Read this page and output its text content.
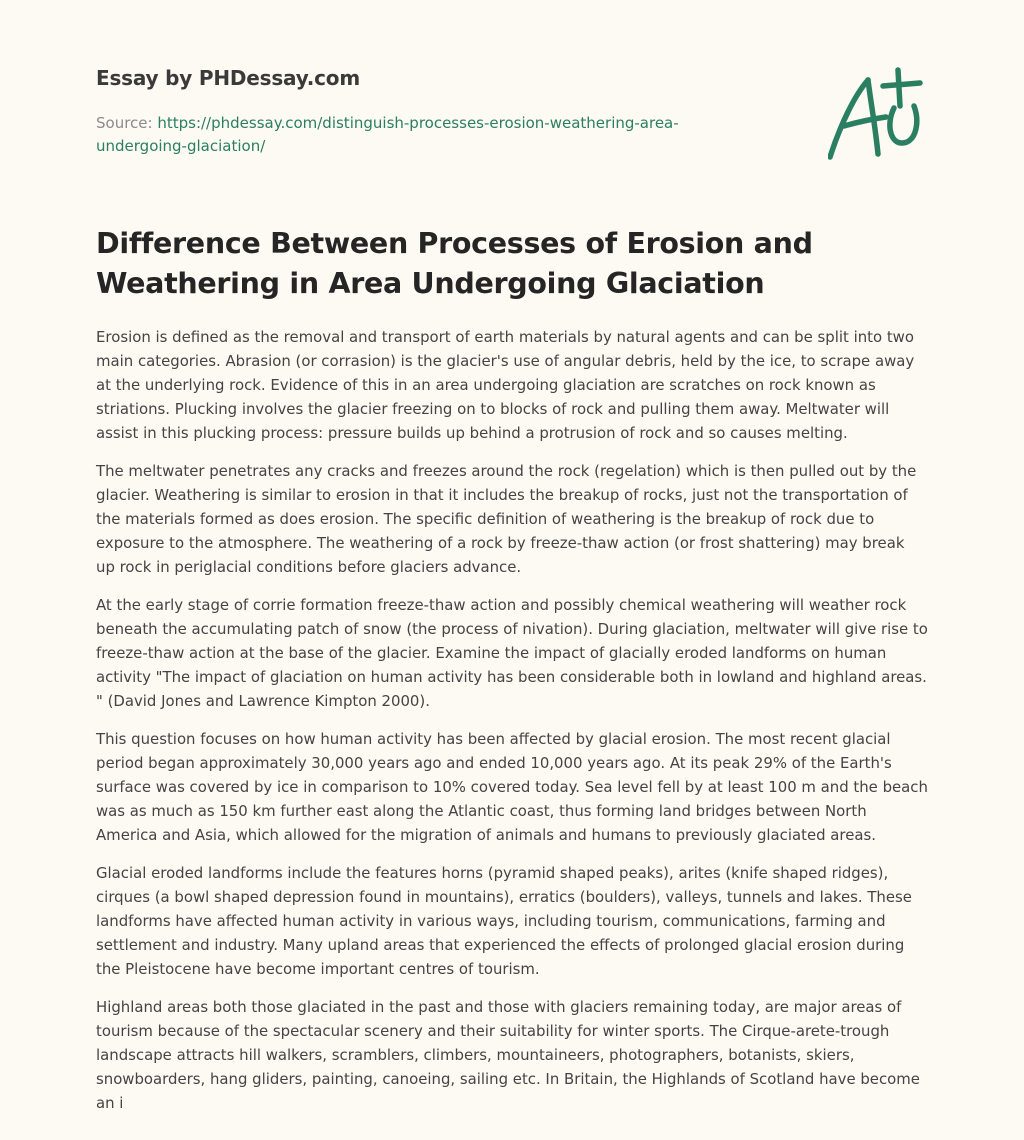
Essay by PHDessay.com
Source: https://phdessay.com/distinguish-processes-erosion-weathering-area-undergoing-glaciation/
Difference Between Processes of Erosion and Weathering in Area Undergoing Glaciation

Erosion is defined as the removal and transport of earth materials by natural agents and can be split into two main categories. Abrasion (or corrasion) is the glacier's use of angular debris, held by the ice, to scrape away at the underlying rock. Evidence of this in an area undergoing glaciation are scratches on rock known as striations. Plucking involves the glacier freezing on to blocks of rock and pulling them away. Meltwater will assist in this plucking process: pressure builds up behind a protrusion of rock and so causes melting.

The meltwater penetrates any cracks and freezes around the rock (regelation) which is then pulled out by the glacier. Weathering is similar to erosion in that it includes the breakup of rocks, just not the transportation of the materials formed as does erosion. The specific definition of weathering is the breakup of rock due to exposure to the atmosphere. The weathering of a rock by freeze-thaw action (or frost shattering) may break up rock in periglacial conditions before glaciers advance.

At the early stage of corrie formation freeze-thaw action and possibly chemical weathering will weather rock beneath the accumulating patch of snow (the process of nivation). During glaciation, meltwater will give rise to freeze-thaw action at the base of the glacier. Examine the impact of glacially eroded landforms on human activity "The impact of glaciation on human activity has been considerable both in lowland and highland areas. " (David Jones and Lawrence Kimpton 2000).

This question focuses on how human activity has been affected by glacial erosion. The most recent glacial period began approximately 30,000 years ago and ended 10,000 years ago. At its peak 29% of the Earth's surface was covered by ice in comparison to 10% covered today. Sea level fell by at least 100 m and the beach was as much as 150 km further east along the Atlantic coast, thus forming land bridges between North America and Asia, which allowed for the migration of animals and humans to previously glaciated areas.

Glacial eroded landforms include the features horns (pyramid shaped peaks), arites (knife shaped ridges), cirques (a bowl shaped depression found in mountains), erratics (boulders), valleys, tunnels and lakes. These landforms have affected human activity in various ways, including tourism, communications, farming and settlement and industry. Many upland areas that experienced the effects of prolonged glacial erosion during the Pleistocene have become important centres of tourism.

Highland areas both those glaciated in the past and those with glaciers remaining today, are major areas of tourism because of the spectacular scenery and their suitability for winter sports. The Cirque-arete-trough landscape attracts hill walkers, scramblers, climbers, mountaineers, photographers, botanists, skiers, snowboarders, hang gliders, painting, canoeing, sailing etc. In Britain, the Highlands of Scotland have become an i
